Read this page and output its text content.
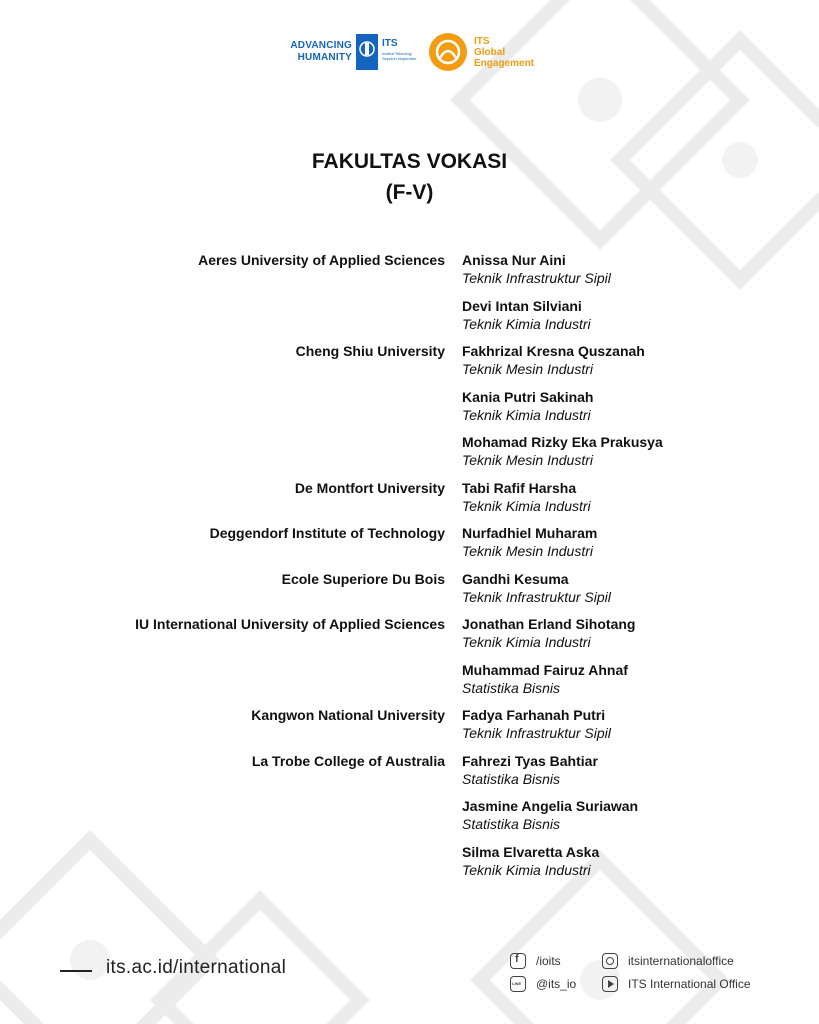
ADVANCING
HUMANITY
ITS
Institut Teknologi Sepuluh Nopember
ITS
Global
Engagement
FAKULTAS VOKASI
(F-V)
Aeres University of Applied Sciences Anissa Nur Aini
Teknik Infrastruktur Sipil
Devi Intan Silviani
Teknik Kimia Industri
Cheng Shiu University Fakhrizal Kresna Quszanah
Teknik Mesin Industri
Kania Putri Sakinah
Teknik Kimia Industri
Mohamad Rizky Eka Prakusya
Teknik Mesin Industri
De Montfort University Tabi Rafif Harsha
Teknik Kimia Industri
Deggendorf Institute of Technology Nurfadhiel Muharam
Teknik Mesin Industri
Ecole Superiore Du Bois Gandhi Kesuma
Teknik Infrastruktur Sipil
IU International University of Applied Sciences Jonathan Erland Sihotang
Teknik Kimia Industri
Muhammad Fairuz Ahnaf
Statistika Bisnis
Kangwon National University Fadya Farhanah Putri
Teknik Infrastruktur Sipil
La Trobe College of Australia Fahrezi Tyas Bahtiar
Statistika Bisnis
Jasmine Angelia Suriawan
Statistika Bisnis
Silma Elvaretta Aska
Teknik Kimia Industri
its.ac.id/international
f	/ioits
LINE
@its_io
itsinternationaloffice
ITS International Office
